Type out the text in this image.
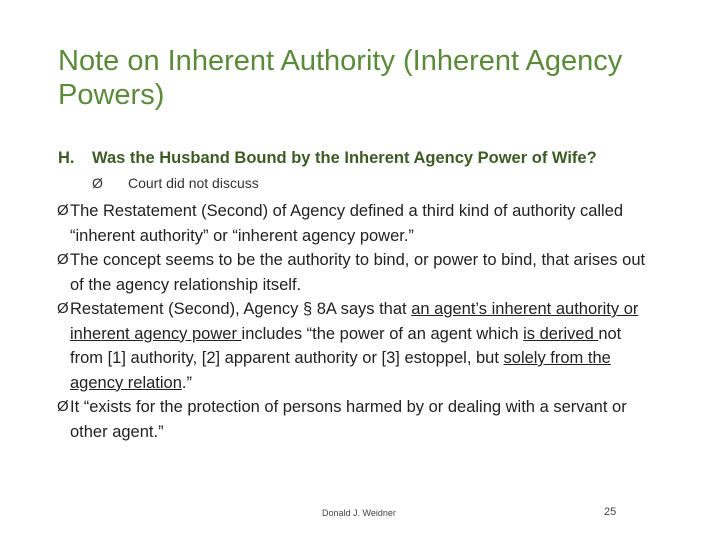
Note on Inherent Authority (Inherent Agency Powers)
H. Was the Husband Bound by the Inherent Agency Power of Wife?
Ø Court did not discuss
Ø The Restatement (Second) of Agency defined a third kind of authority called “inherent authority” or “inherent agency power.”
Ø The concept seems to be the authority to bind, or power to bind, that arises out of the agency relationship itself.
Ø Restatement (Second), Agency § 8A says that an agent’s inherent authority or inherent agency power includes “the power of an agent which is derived not from [1] authority, [2] apparent authority or [3] estoppel, but solely from the agency relation.”
Ø It “exists for the protection of persons harmed by or dealing with a servant or other agent.”
Donald J. Weidner	25
